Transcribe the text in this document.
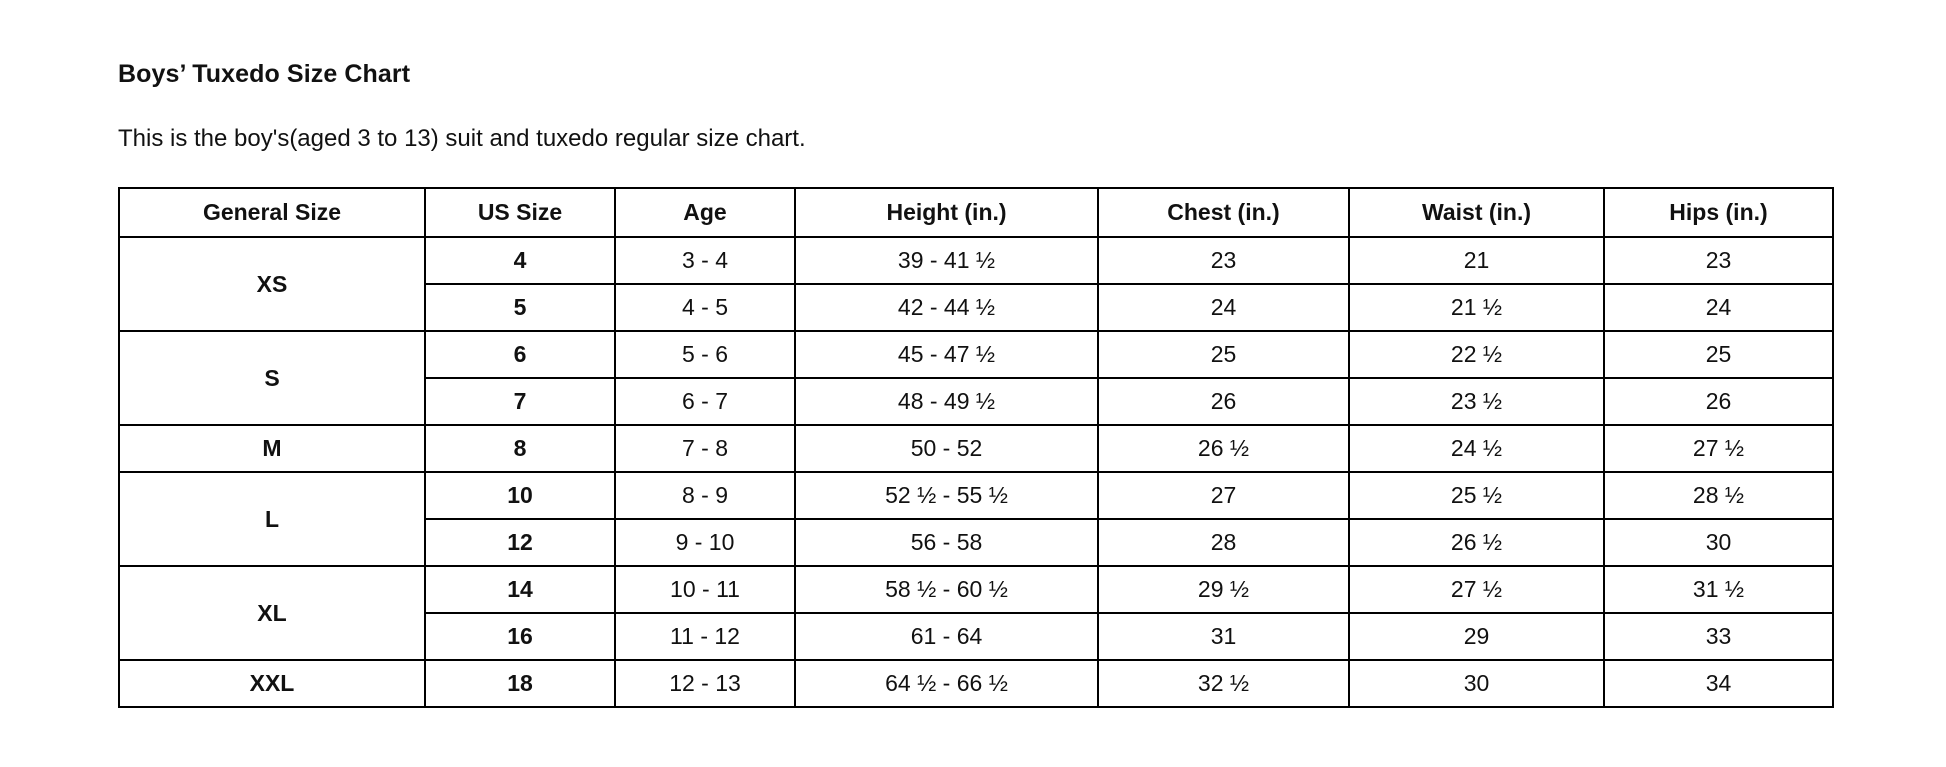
Boys’ Tuxedo Size Chart

This is the boy's(aged 3 to 13) suit and tuxedo regular size chart.

General Size	US Size	Age	Height (in.)	Chest (in.)	Waist (in.)	Hips (in.)
XS	4	3 - 4	39 - 41 ½	23	21	23
	5	4 - 5	42 - 44 ½	24	21 ½	24
S	6	5 - 6	45 - 47 ½	25	22 ½	25
	7	6 - 7	48 - 49 ½	26	23 ½	26
M	8	7 - 8	50 - 52	26 ½	24 ½	27 ½
L	10	8 - 9	52 ½ - 55 ½	27	25 ½	28 ½
	12	9 - 10	56 - 58	28	26 ½	30
XL	14	10 - 11	58 ½ - 60 ½	29 ½	27 ½	31 ½
	16	11 - 12	61 - 64	31	29	33
XXL	18	12 - 13	64 ½ - 66 ½	32 ½	30	34
